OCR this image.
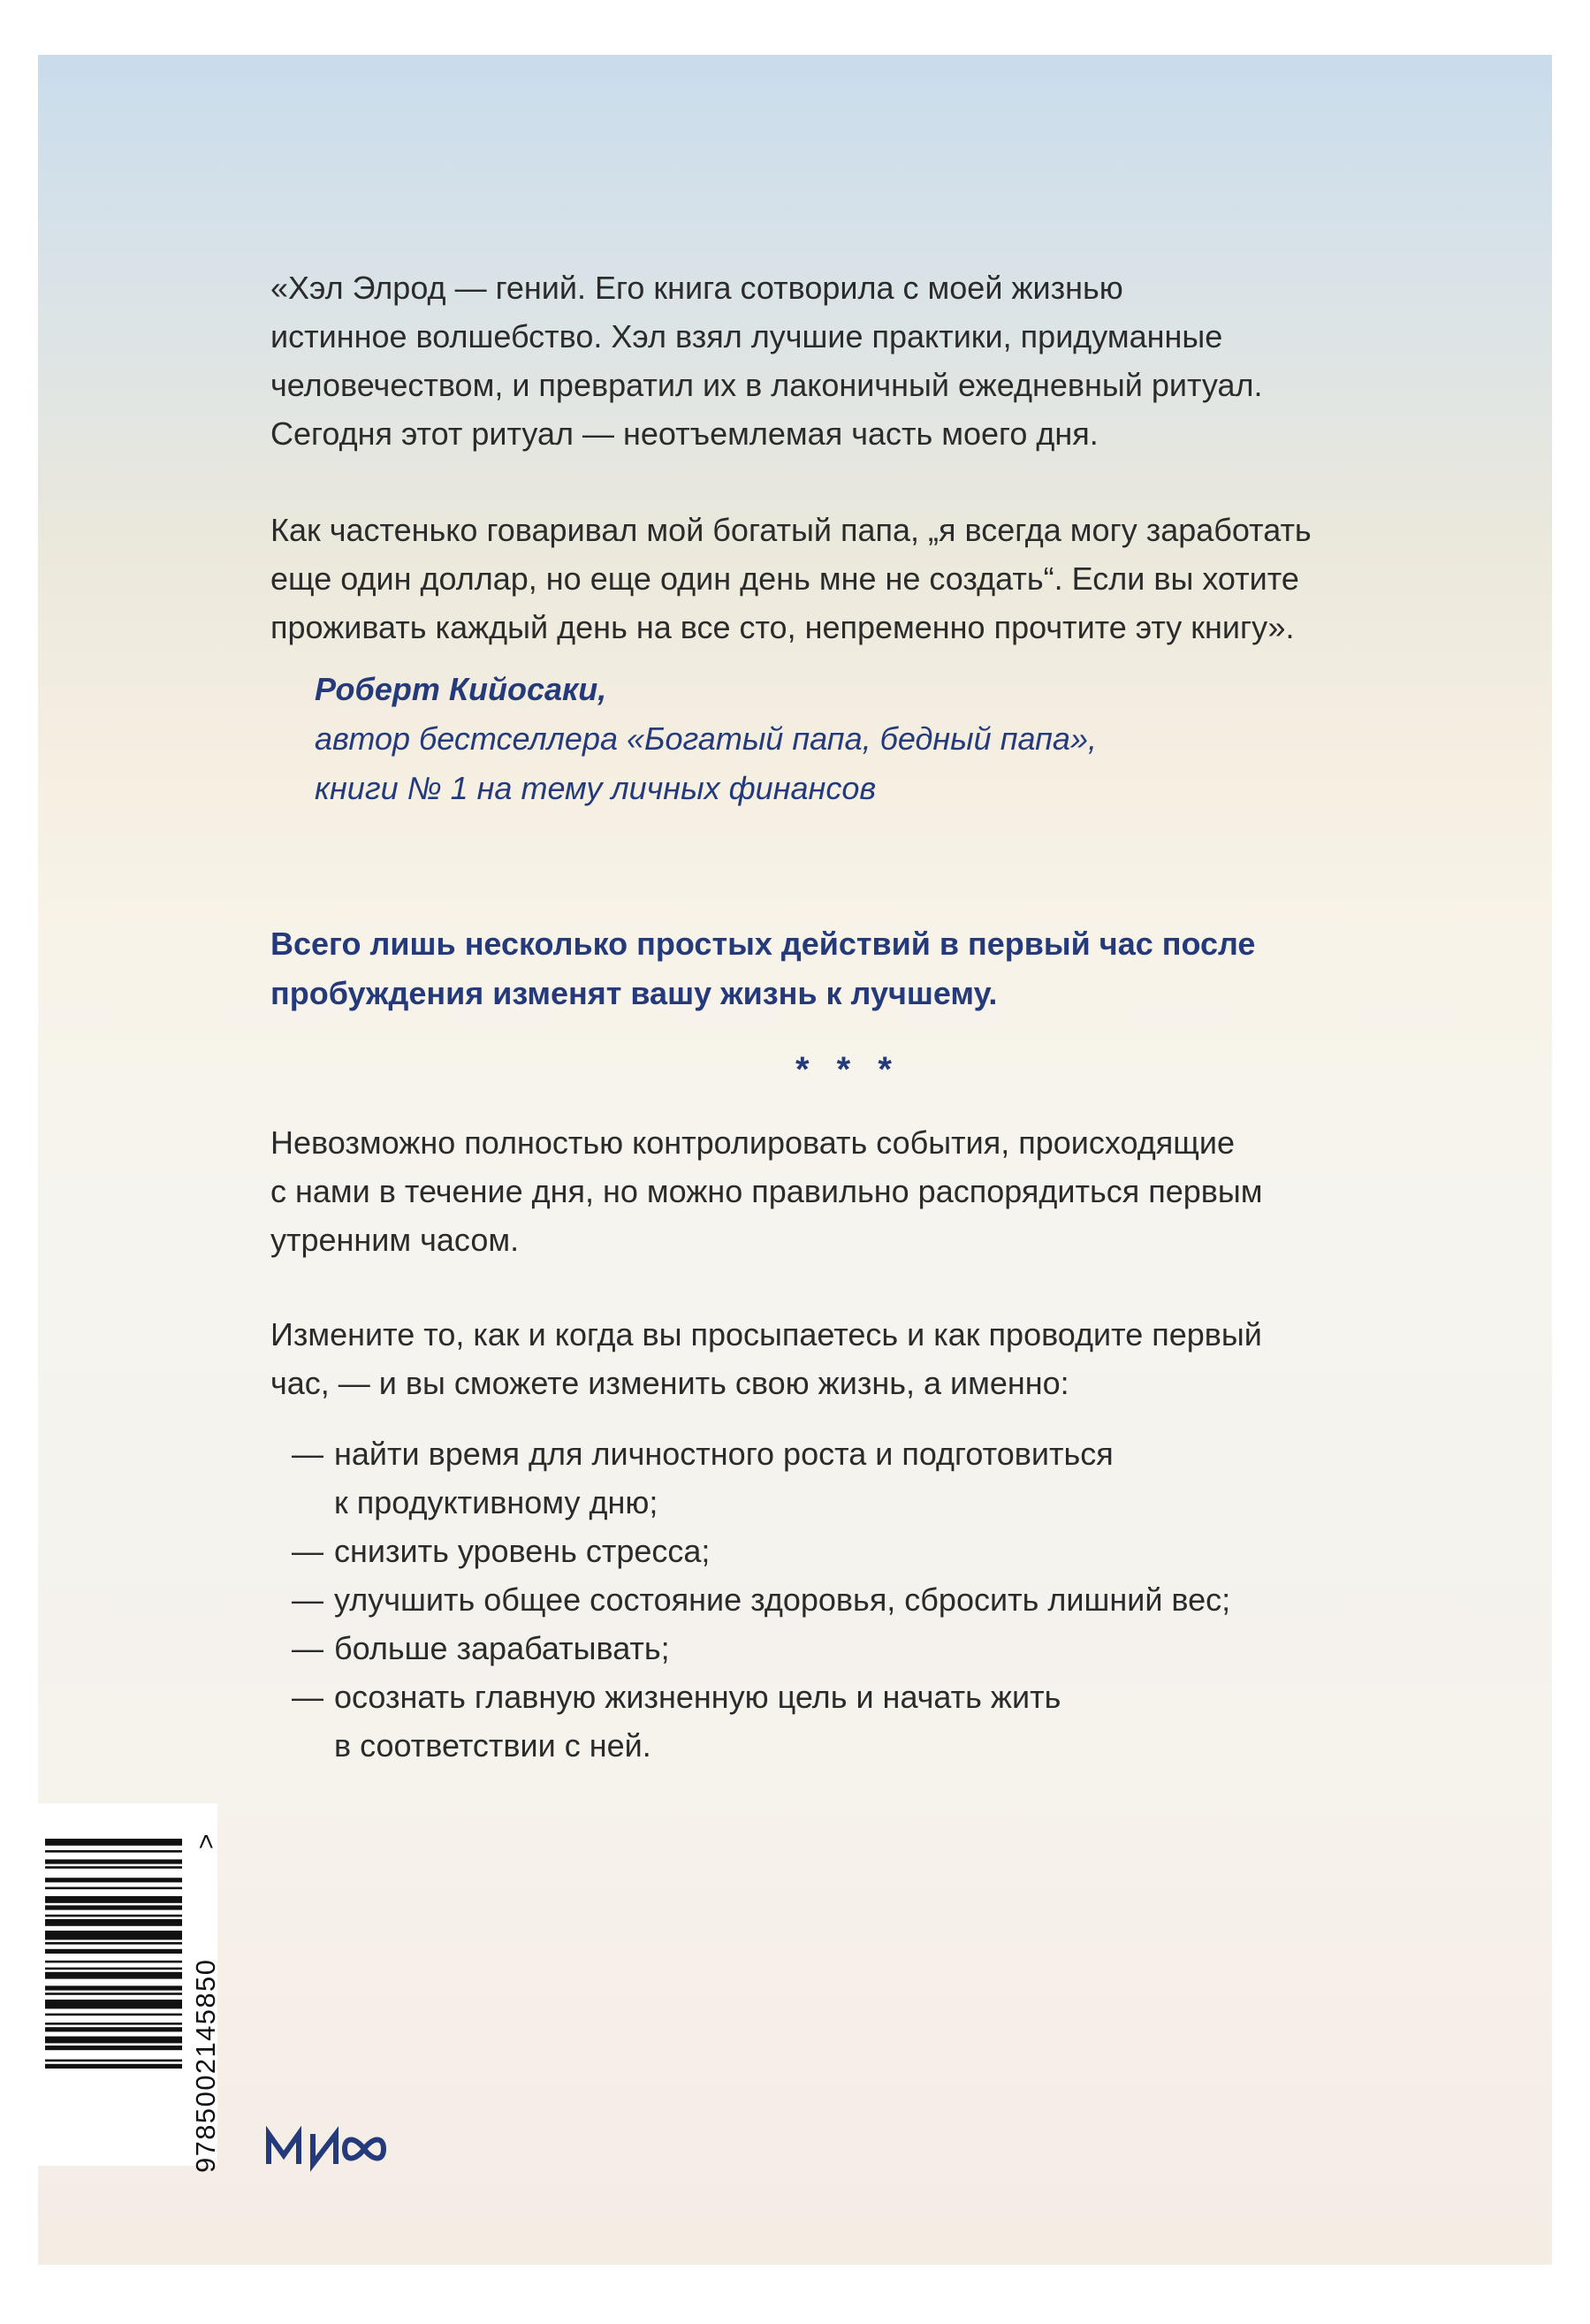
«Хэл Элрод — гений. Его книга сотворила с моей жизнью
истинное волшебство. Хэл взял лучшие практики, придуманные
человечеством, и превратил их в лаконичный ежедневный ритуал.
Сегодня этот ритуал — неотъемлемая часть моего дня.
Как частенько говаривал мой богатый папа, „я всегда могу заработать
еще один доллар, но еще один день мне не создать“. Если вы хотите
проживать каждый день на все сто, непременно прочтите эту книгу».
Роберт Кийосаки,
автор бестселлера «Богатый папа, бедный папа»,
книги № 1 на тему личных финансов
Всего лишь несколько простых действий в первый час после
пробуждения изменят вашу жизнь к лучшему.
* * *
Невозможно полностью контролировать события, происходящие
с нами в течение дня, но можно правильно распорядиться первым
утренним часом.
Измените то, как и когда вы просыпаетесь и как проводите первый
час, — и вы сможете изменить свою жизнь, а именно:
— найти время для личностного роста и подготовиться
к продуктивному дню;
— снизить уровень стресса;
— улучшить общее состояние здоровья, сбросить лишний вес;
— больше зарабатывать;
— осознать главную жизненную цель и начать жить
в соответствии с ней.
9785002145850
>
